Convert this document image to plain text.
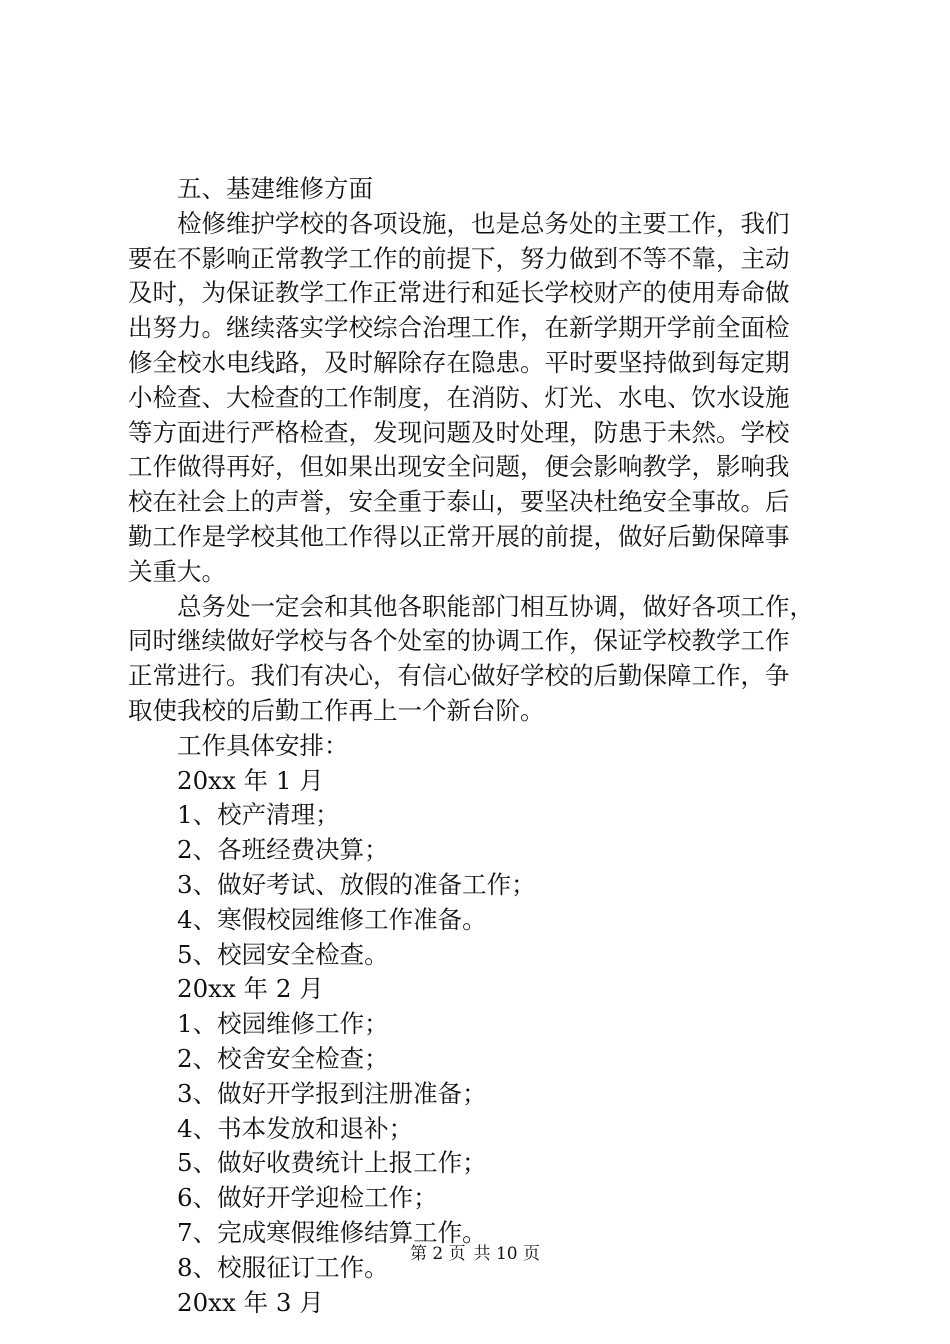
五、基建维修方面
检修维护学校的各项设施，也是总务处的主要工作，我们
要在不影响正常教学工作的前提下，努力做到不等不靠，主动
及时，为保证教学工作正常进行和延长学校财产的使用寿命做
出努力。继续落实学校综合治理工作，在新学期开学前全面检
修全校水电线路，及时解除存在隐患。平时要坚持做到每定期
小检查、大检查的工作制度，在消防、灯光、水电、饮水设施
等方面进行严格检查，发现问题及时处理，防患于未然。学校
工作做得再好，但如果出现安全问题，便会影响教学，影响我
校在社会上的声誉，安全重于泰山，要坚决杜绝安全事故。后
勤工作是学校其他工作得以正常开展的前提，做好后勤保障事
关重大。
总务处一定会和其他各职能部门相互协调，做好各项工作，
同时继续做好学校与各个处室的协调工作，保证学校教学工作
正常进行。我们有决心，有信心做好学校的后勤保障工作，争
取使我校的后勤工作再上一个新台阶。
工作具体安排：
20xx 年 1 月
1、校产清理；
2、各班经费决算；
3、做好考试、放假的准备工作；
4、寒假校园维修工作准备。
5、校园安全检查。
20xx 年 2 月
1、校园维修工作；
2、校舍安全检查；
3、做好开学报到注册准备；
4、书本发放和退补；
5、做好收费统计上报工作；
6、做好开学迎检工作；
7、完成寒假维修结算工作。
8、校服征订工作。
20xx 年 3 月
第 2 页 共 10 页
